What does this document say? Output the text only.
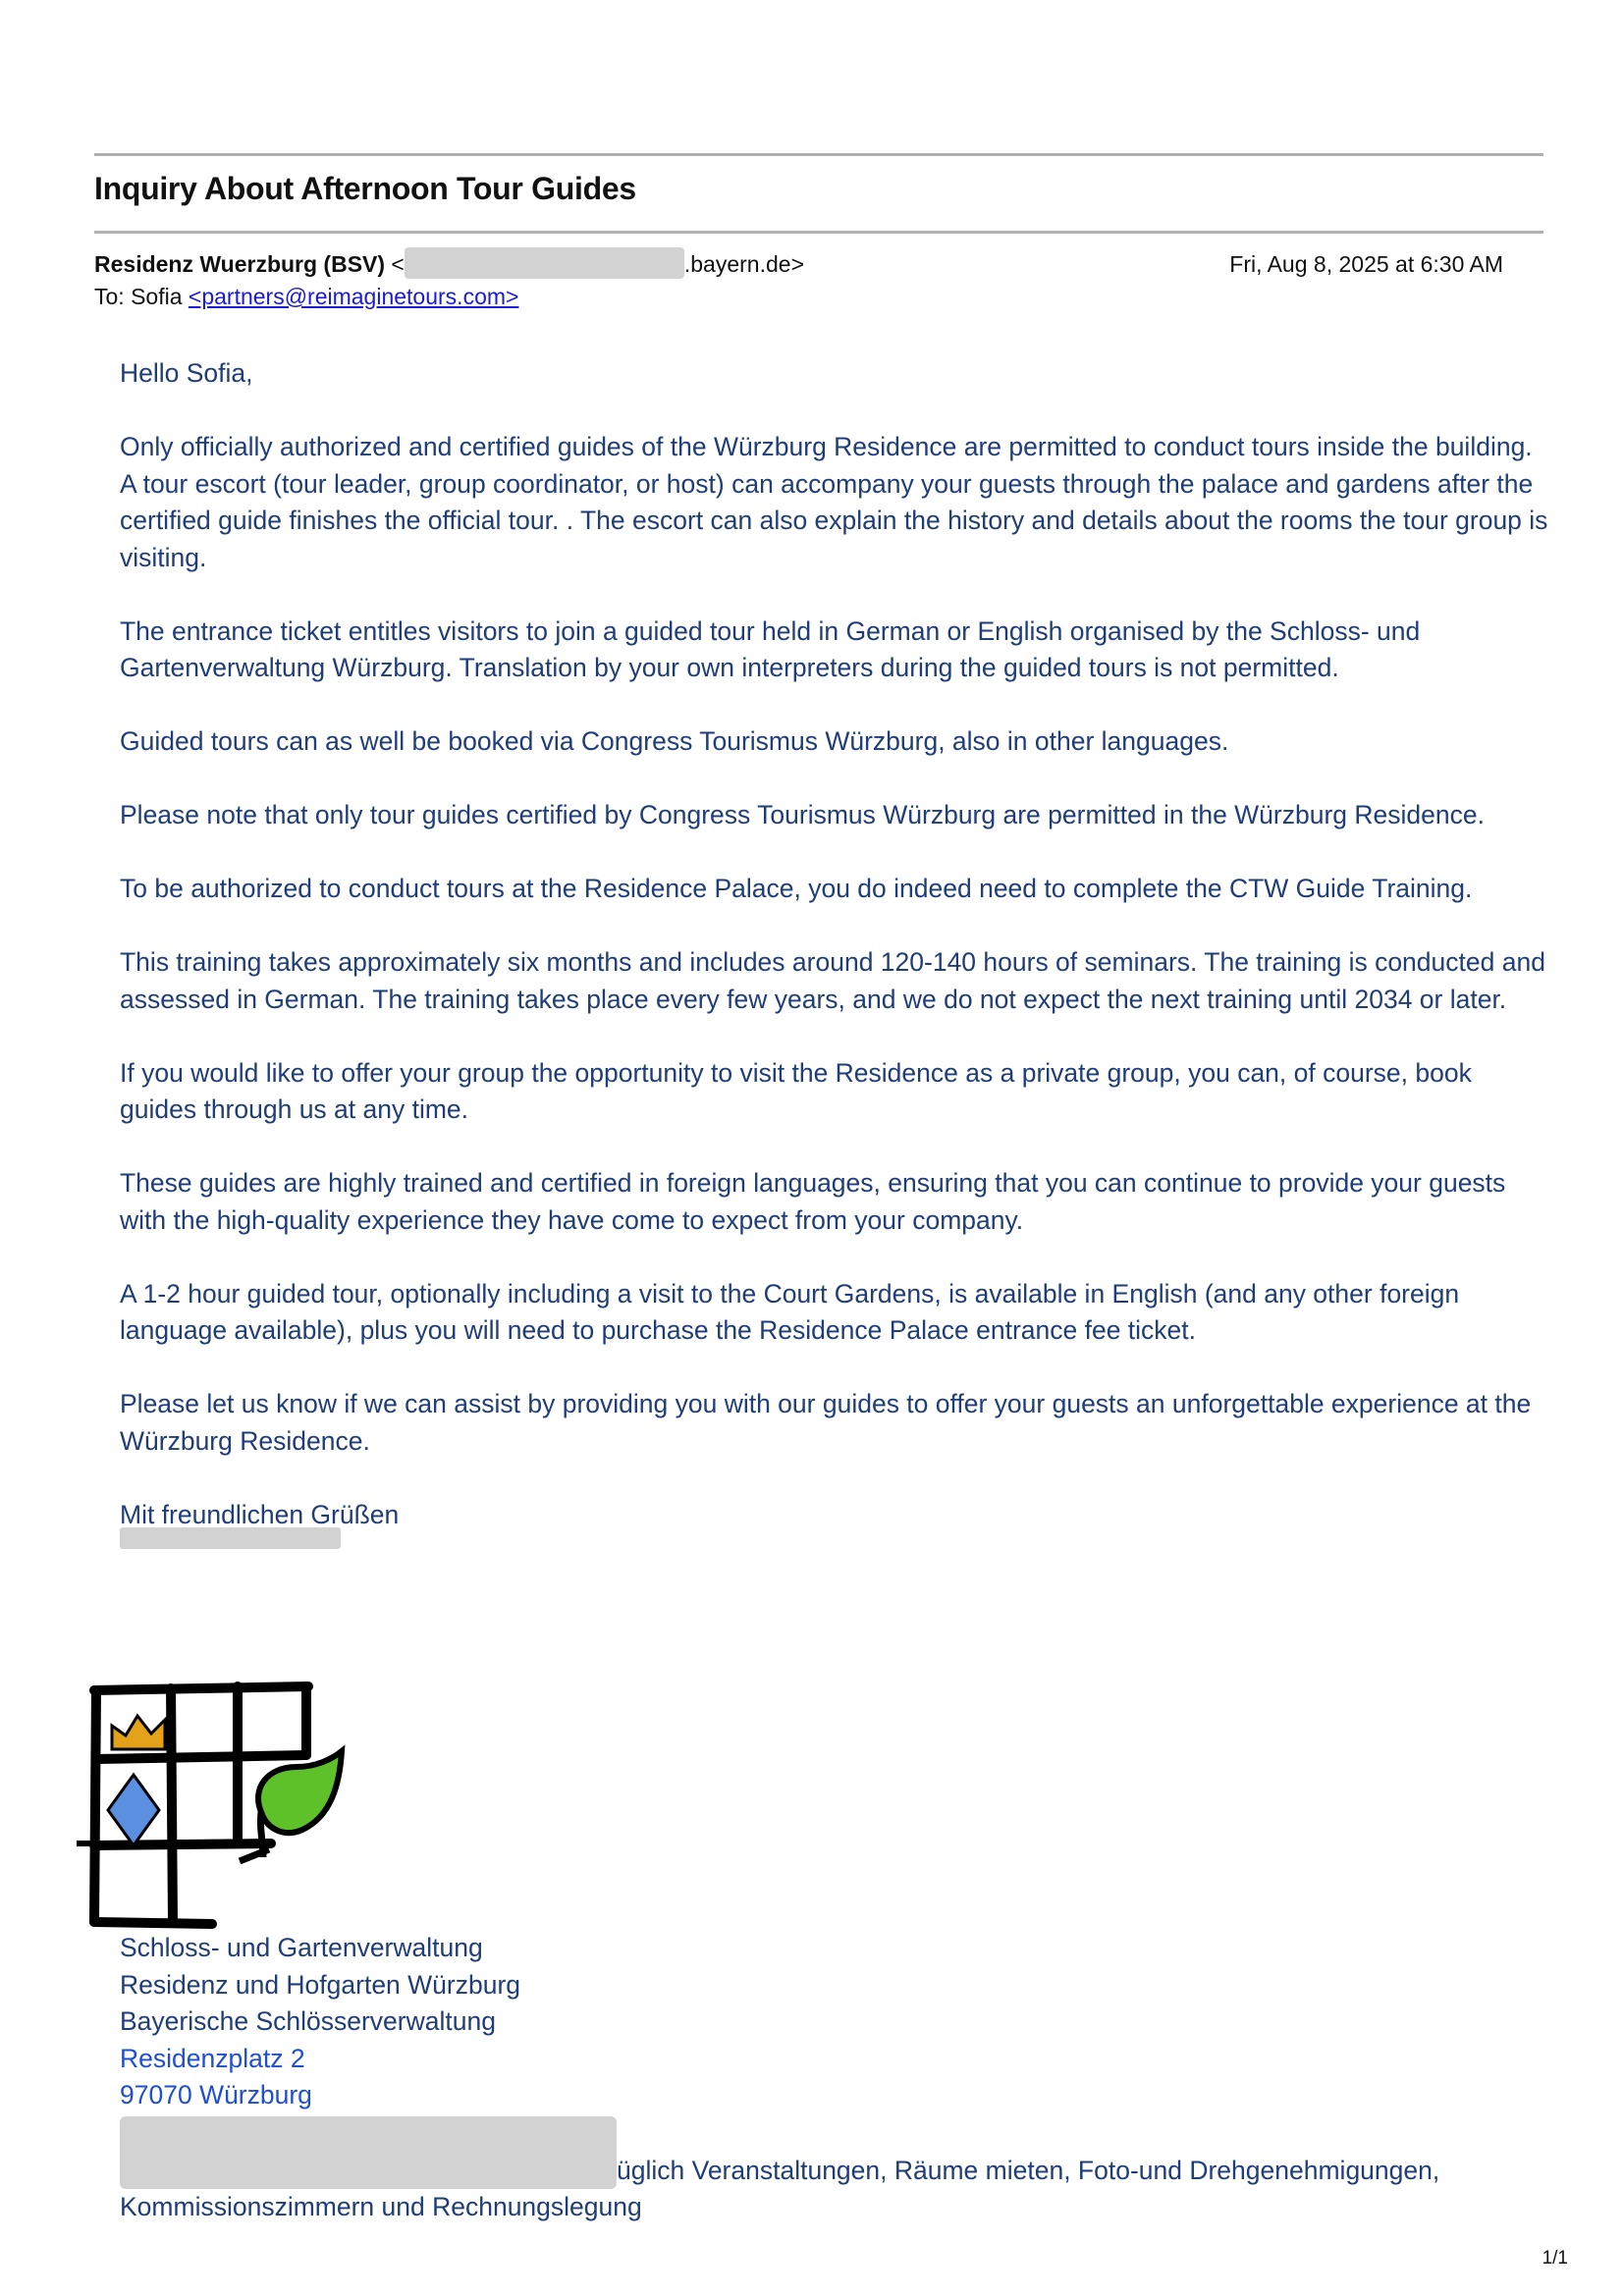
Inquiry About Afternoon Tour Guides
Residenz Wuerzburg (BSV) <	.bayern.de>	Fri, Aug 8, 2025 at 6:30 AM
To: Sofia <partners@reimaginetours.com>

Hello Sofia,

Only officially authorized and certified guides of the Würzburg Residence are permitted to conduct tours inside the building. A tour escort (tour leader, group coordinator, or host) can accompany your guests through the palace and gardens after the certified guide finishes the official tour. . The escort can also explain the history and details about the rooms the tour group is visiting.

The entrance ticket entitles visitors to join a guided tour held in German or English organised by the Schloss- und Gartenverwaltung Würzburg. Translation by your own interpreters during the guided tours is not permitted.

Guided tours can as well be booked via Congress Tourismus Würzburg, also in other languages.

Please note that only tour guides certified by Congress Tourismus Würzburg are permitted in the Würzburg Residence.

To be authorized to conduct tours at the Residence Palace, you do indeed need to complete the CTW Guide Training.

This training takes approximately six months and includes around 120-140 hours of seminars. The training is conducted and assessed in German. The training takes place every few years, and we do not expect the next training until 2034 or later.

If you would like to offer your group the opportunity to visit the Residence as a private group, you can, of course, book guides through us at any time.

These guides are highly trained and certified in foreign languages, ensuring that you can continue to provide your guests with the high-quality experience they have come to expect from your company.

A 1-2 hour guided tour, optionally including a visit to the Court Gardens, is available in English (and any other foreign language available), plus you will need to purchase the Residence Palace entrance fee ticket.

Please let us know if we can assist by providing you with our guides to offer your guests an unforgettable experience at the Würzburg Residence.

Mit freundlichen Grüßen
Schloss- und Gartenverwaltung
Residenz und Hofgarten Würzburg
Bayerische Schlösserverwaltung
Residenzplatz 2
97070 Würzburg
üglich Veranstaltungen, Räume mieten, Foto-und Drehgenehmigungen,
Kommissionszimmern und Rechnungslegung
1/1
